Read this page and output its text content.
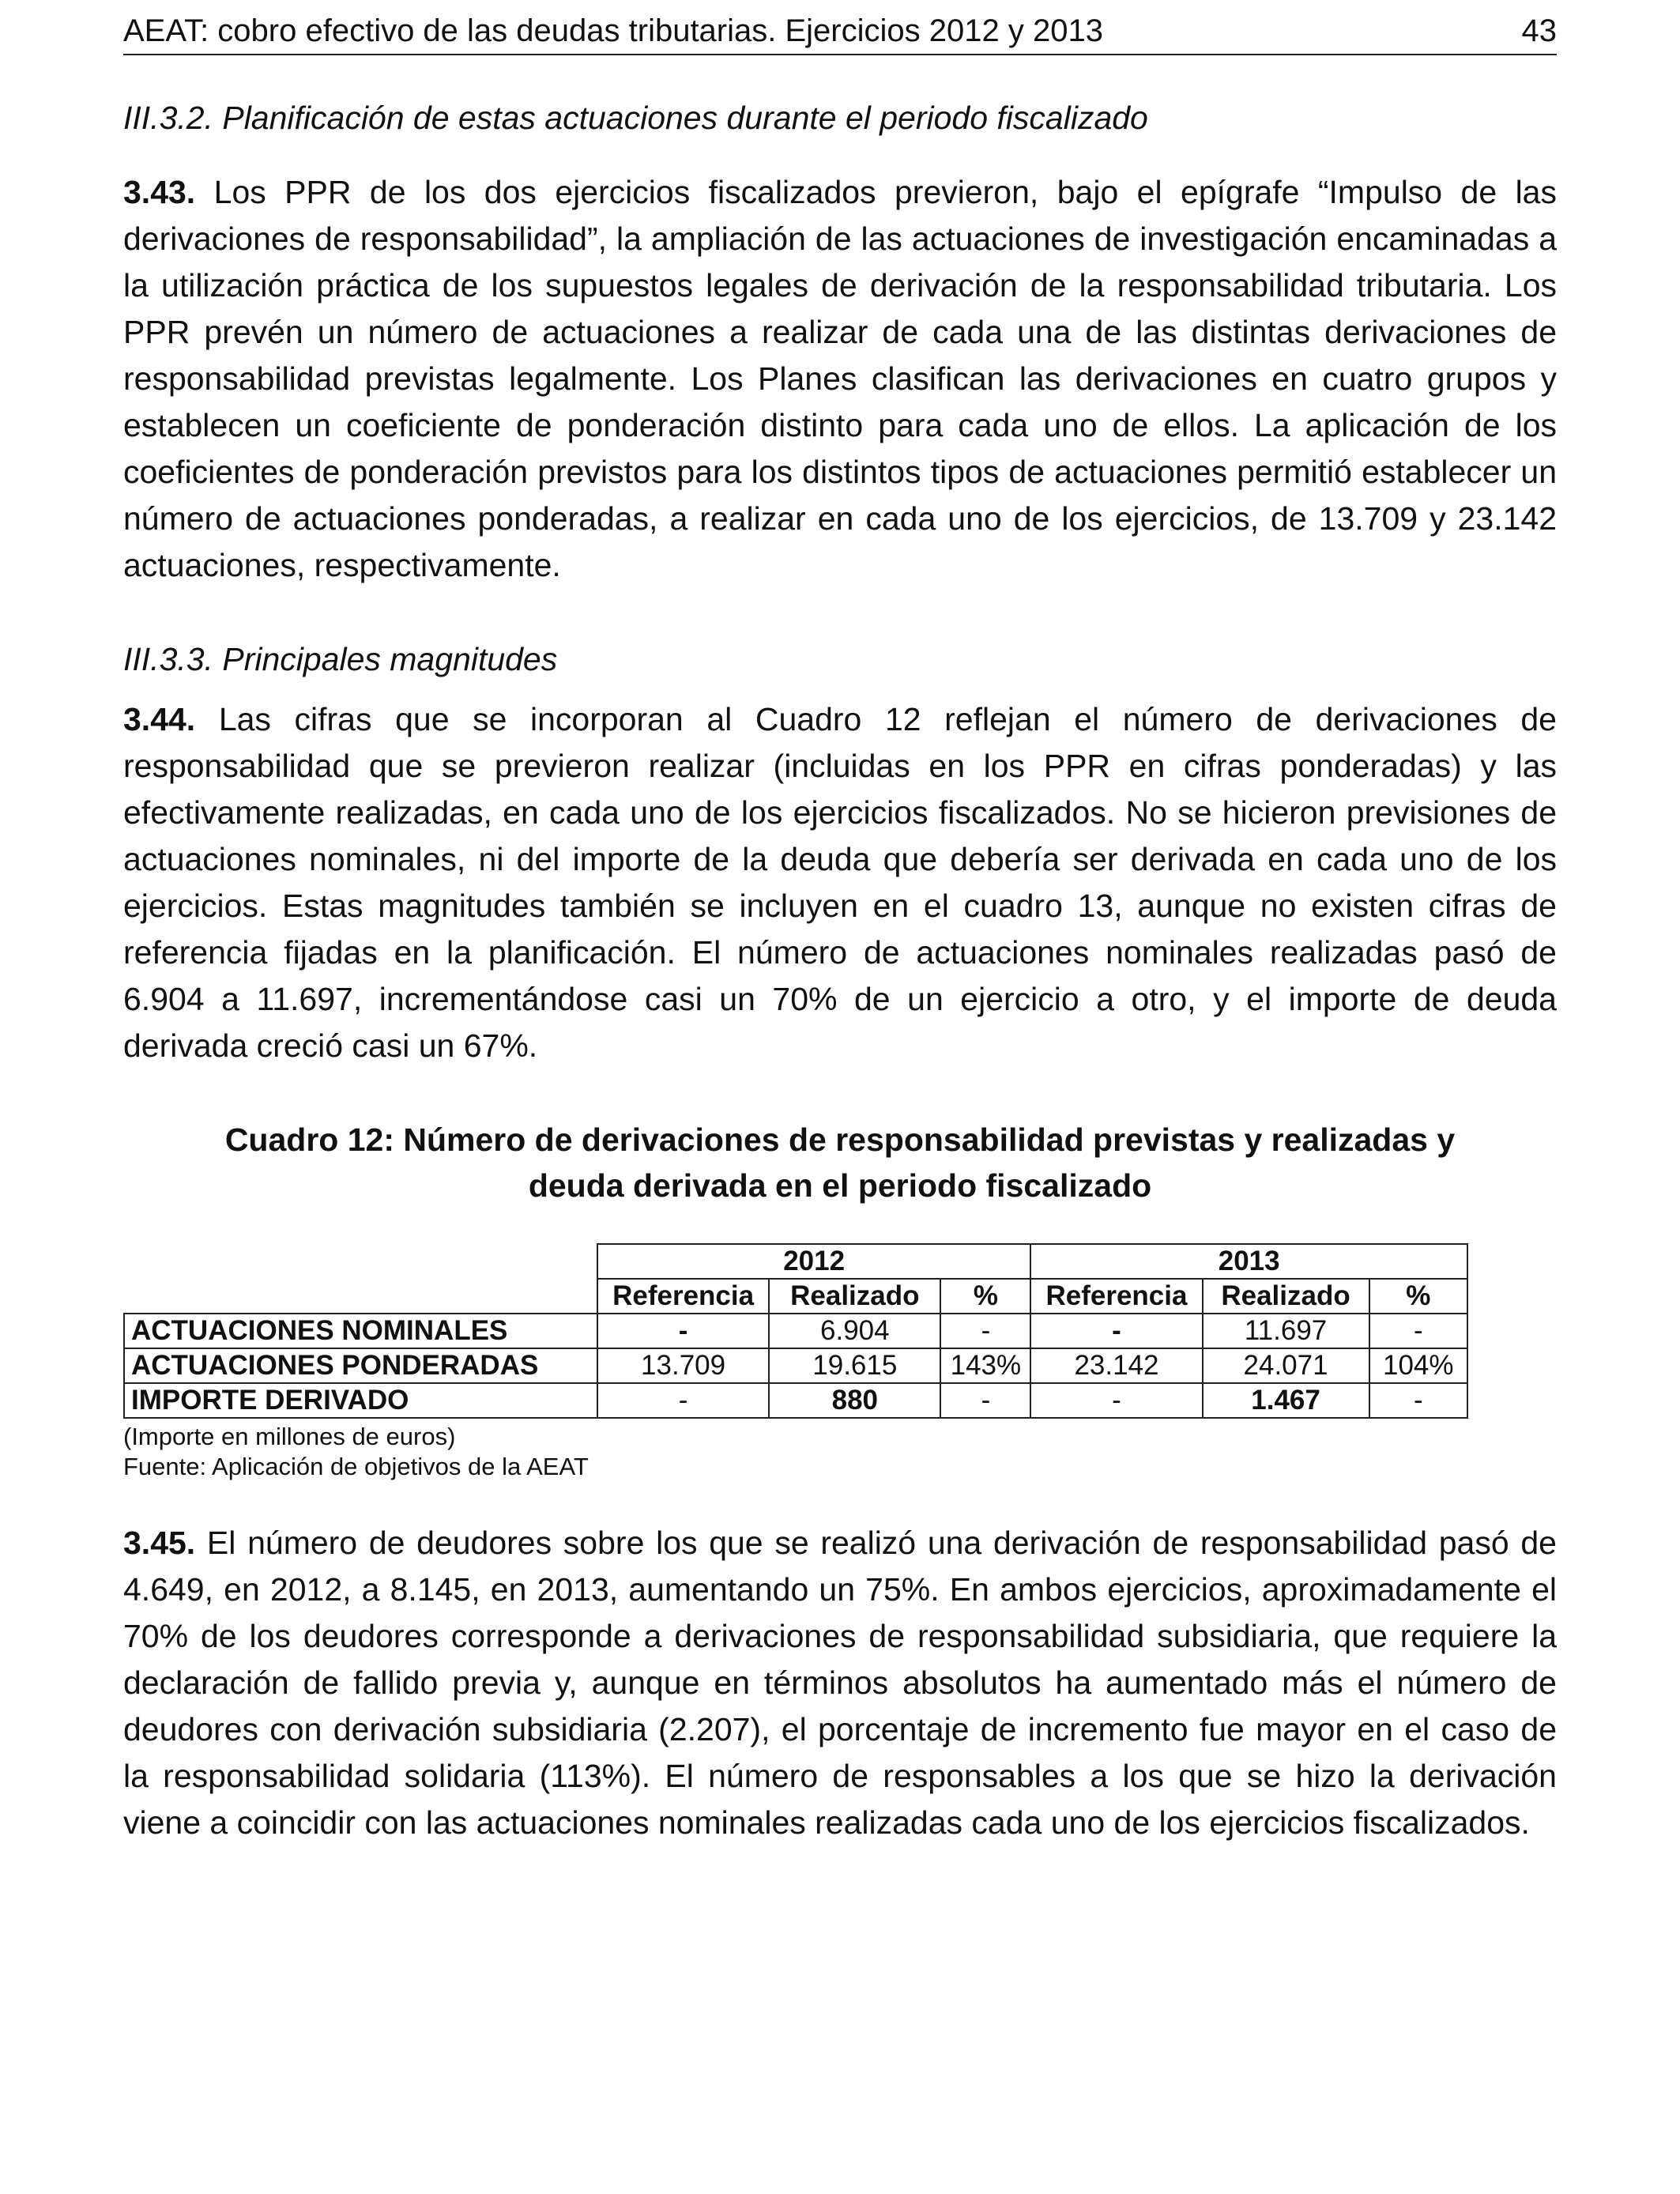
AEAT: cobro efectivo de las deudas tributarias. Ejercicios 2012 y 2013	43

III.3.2. Planificación de estas actuaciones durante el periodo fiscalizado

3.43. Los PPR de los dos ejercicios fiscalizados previeron, bajo el epígrafe “Impulso de las derivaciones de responsabilidad”, la ampliación de las actuaciones de investigación encaminadas a la utilización práctica de los supuestos legales de derivación de la responsabilidad tributaria. Los PPR prevén un número de actuaciones a realizar de cada una de las distintas derivaciones de responsabilidad previstas legalmente. Los Planes clasifican las derivaciones en cuatro grupos y establecen un coeficiente de ponderación distinto para cada uno de ellos. La aplicación de los coeficientes de ponderación previstos para los distintos tipos de actuaciones permitió establecer un número de actuaciones ponderadas, a realizar en cada uno de los ejercicios, de 13.709 y 23.142 actuaciones, respectivamente.

III.3.3. Principales magnitudes

3.44. Las cifras que se incorporan al Cuadro 12 reflejan el número de derivaciones de responsabilidad que se previeron realizar (incluidas en los PPR en cifras ponderadas) y las efectivamente realizadas, en cada uno de los ejercicios fiscalizados. No se hicieron previsiones de actuaciones nominales, ni del importe de la deuda que debería ser derivada en cada uno de los ejercicios. Estas magnitudes también se incluyen en el cuadro 13, aunque no existen cifras de referencia fijadas en la planificación. El número de actuaciones nominales realizadas pasó de 6.904 a 11.697, incrementándose casi un 70% de un ejercicio a otro, y el importe de deuda derivada creció casi un 67%.

Cuadro 12: Número de derivaciones de responsabilidad previstas y realizadas y
deuda derivada en el periodo fiscalizado

	2012			2013		
	Referencia	Realizado	%	Referencia	Realizado	%
ACTUACIONES NOMINALES	-	6.904	-	-	11.697	-
ACTUACIONES PONDERADAS	13.709	19.615	143%	23.142	24.071	104%
IMPORTE DERIVADO	-	880	-	-	1.467	-
(Importe en millones de euros)
Fuente: Aplicación de objetivos de la AEAT

3.45. El número de deudores sobre los que se realizó una derivación de responsabilidad pasó de 4.649, en 2012, a 8.145, en 2013, aumentando un 75%. En ambos ejercicios, aproximadamente el 70% de los deudores corresponde a derivaciones de responsabilidad subsidiaria, que requiere la declaración de fallido previa y, aunque en términos absolutos ha aumentado más el número de deudores con derivación subsidiaria (2.207), el porcentaje de incremento fue mayor en el caso de la responsabilidad solidaria (113%). El número de responsables a los que se hizo la derivación viene a coincidir con las actuaciones nominales realizadas cada uno de los ejercicios fiscalizados.
